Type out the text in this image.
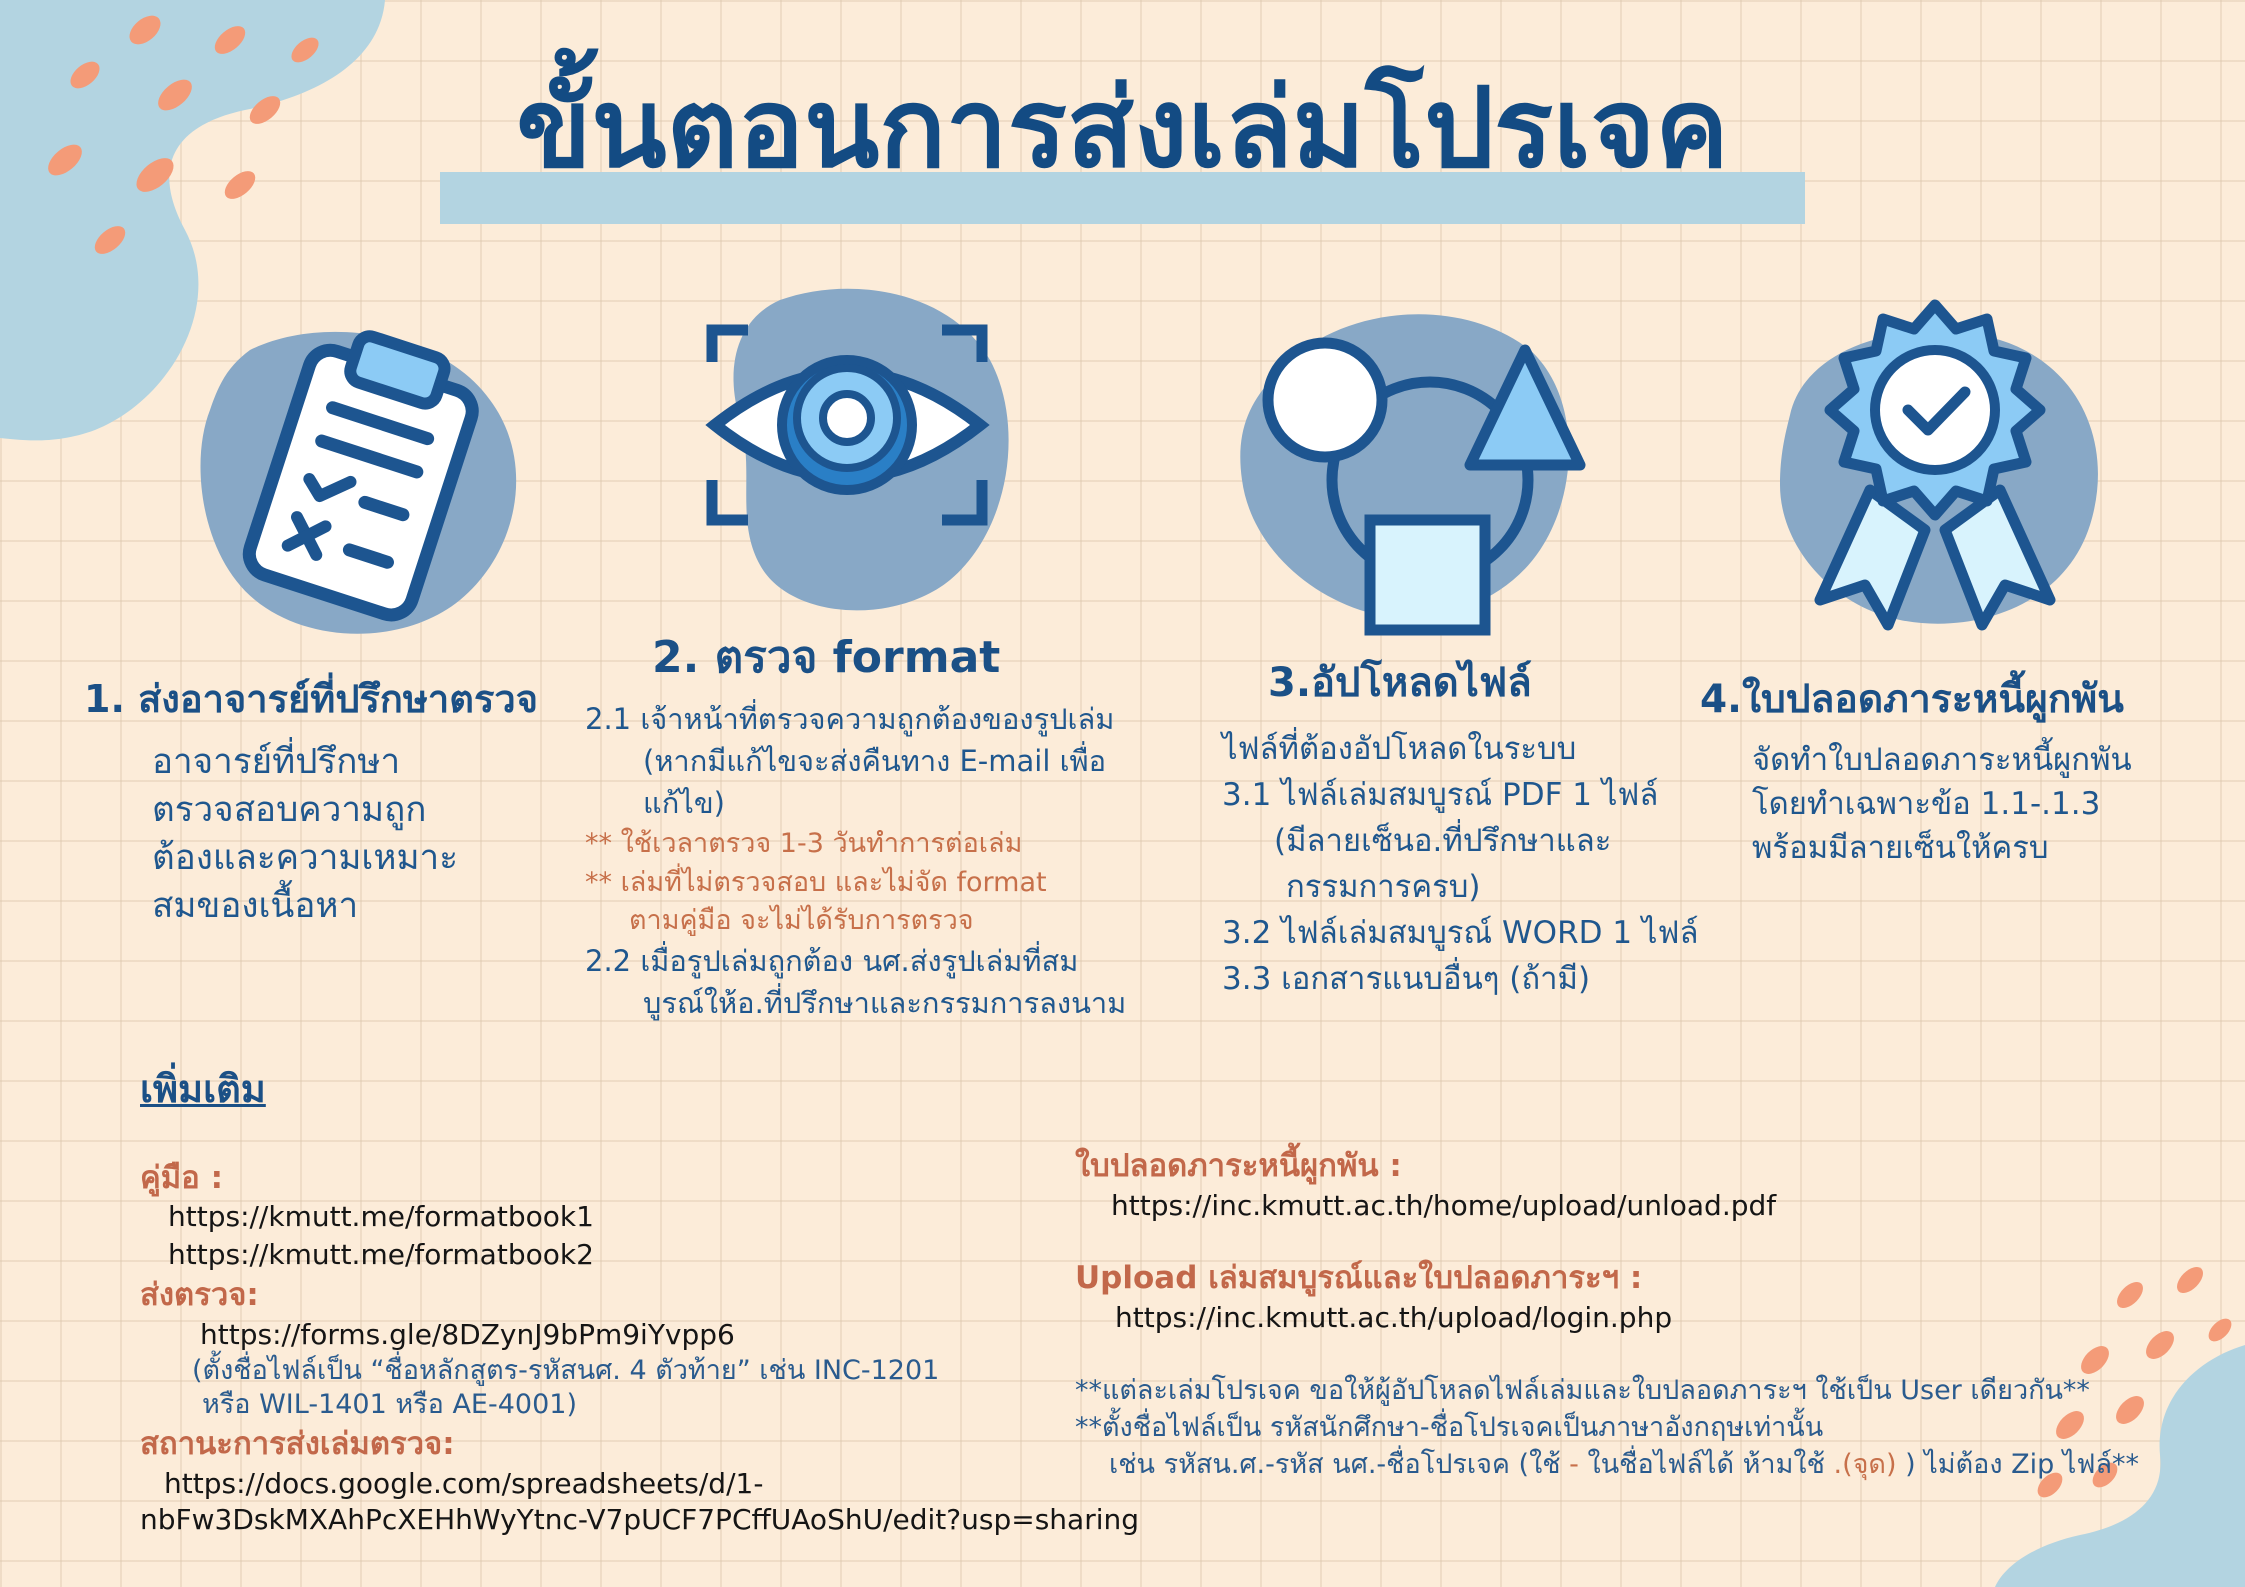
ขั้นตอนการส่งเล่มโปรเจค
1. ส่งอาจารย์ที่ปรึกษาตรวจ

อาจารย์ที่ปรึกษา

ตรวจสอบความถูก

ต้องและความเหมาะ

สมของเนื้อหา

2. ตรวจ format

2.1 เจ้าหน้าที่ตรวจความถูกต้องของรูปเล่ม

(หากมีแก้ไขจะส่งคืนทาง E-mail เพื่อ

แก้ไข)

** ใช้เวลาตรวจ 1-3 วันทำการต่อเล่ม

** เล่มที่ไม่ตรวจสอบ และไม่จัด format

ตามคู่มือ จะไม่ได้รับการตรวจ

2.2 เมื่อรูปเล่มถูกต้อง นศ.ส่งรูปเล่มที่สม

บูรณ์ให้อ.ที่ปรึกษาและกรรมการลงนาม

3.อัปโหลดไฟล์

ไฟล์ที่ต้องอัปโหลดในระบบ

3.1 ไฟล์เล่มสมบูรณ์ PDF 1 ไฟล์

(มีลายเซ็นอ.ที่ปรึกษาและ

กรรมการครบ)

3.2 ไฟล์เล่มสมบูรณ์ WORD 1 ไฟล์

3.3 เอกสารแนบอื่นๆ (ถ้ามี)

4.ใบปลอดภาระหนี้ผูกพัน

จัดทำใบปลอดภาระหนี้ผูกพัน

โดยทำเฉพาะข้อ 1.1-.1.3

พร้อมมีลายเซ็นให้ครบ

เพิ่มเติม

คู่มือ :

https://kmutt.me/formatbook1

https://kmutt.me/formatbook2

ส่งตรวจ:

https://forms.gle/8DZynJ9bPm9iYvpp6

(ตั้งชื่อไฟล์เป็น “ชื่อหลักสูตร-รหัสนศ. 4 ตัวท้าย” เช่น INC-1201

หรือ WIL-1401 หรือ AE-4001)

สถานะการส่งเล่มตรวจ:

https://docs.google.com/spreadsheets/d/1-

nbFw3DskMXAhPcXEHhWyYtnc-V7pUCF7PCffUAoShU/edit?usp=sharing

ใบปลอดภาระหนี้ผูกพัน :

https://inc.kmutt.ac.th/home/upload/unload.pdf

Upload เล่มสมบูรณ์และใบปลอดภาระฯ :

https://inc.kmutt.ac.th/upload/login.php

**แต่ละเล่มโปรเจค ขอให้ผู้อัปโหลดไฟล์เล่มและใบปลอดภาระฯ ใช้เป็น User เดียวกัน**

**ตั้งชื่อไฟล์เป็น รหัสนักศึกษา-ชื่อโปรเจคเป็นภาษาอังกฤษเท่านั้น

เช่น รหัสน.ศ.-รหัส นศ.-ชื่อโปรเจค (ใช้ - ในชื่อไฟล์ได้ ห้ามใช้ .(จุด) ) ไม่ต้อง Zip ไฟล์**
